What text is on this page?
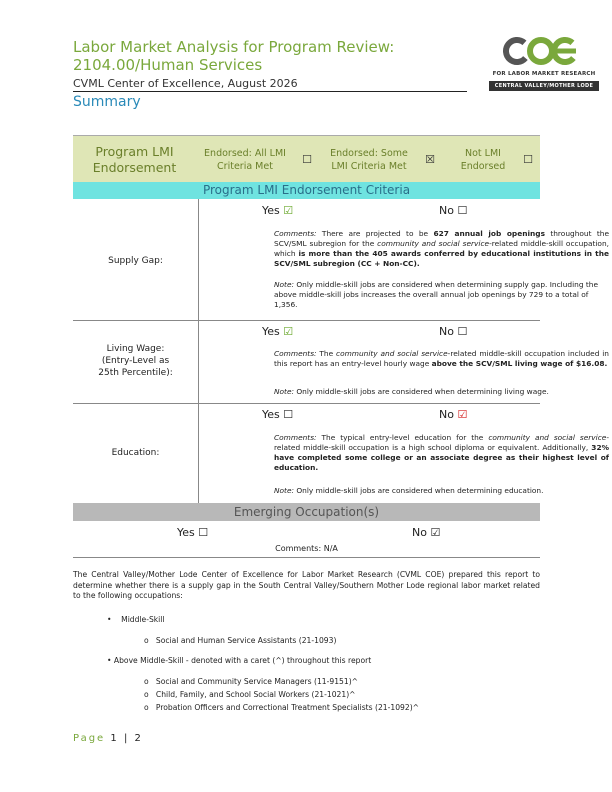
Labor Market Analysis for Program Review:
2104.00/Human Services
CVML Center of Excellence, August 2026
Summary
FOR LABOR MARKET RESEARCH
CENTRAL VALLEY/MOTHER LODE
Program LMI Endorsement
Endorsed: All LMI Criteria Met	☐	Endorsed: Some LMI Criteria Met	☒	Not LMI Endorsed	☐
Program LMI Endorsement Criteria
Supply Gap:
Yes ☑	No ☐
Comments: There are projected to be 627 annual job openings throughout the SCV/SML subregion for the community and social service-related middle-skill occupation, which is more than the 405 awards conferred by educational institutions in the SCV/SML subregion (CC + Non-CC).
Note: Only middle-skill jobs are considered when determining supply gap. Including the above middle-skill jobs increases the overall annual job openings by 729 to a total of 1,356.
Living Wage:
(Entry-Level as
25th Percentile):
Yes ☑	No ☐
Comments: The community and social service-related middle-skill occupation included in this report has an entry-level hourly wage above the SCV/SML living wage of $16.08.
Note: Only middle-skill jobs are considered when determining living wage.
Education:
Yes ☐	No ☑
Comments: The typical entry-level education for the community and social service-related middle-skill occupation is a high school diploma or equivalent. Additionally, 32% have completed some college or an associate degree as their highest level of education.
Note: Only middle-skill jobs are considered when determining education.
Emerging Occupation(s)
Yes ☐	No ☑
Comments: N/A
The Central Valley/Mother Lode Center of Excellence for Labor Market Research (CVML COE) prepared this report to determine whether there is a supply gap in the South Central Valley/Southern Mother Lode regional labor market related to the following occupations:
•    Middle-Skill
o   Social and Human Service Assistants (21-1093)
• Above Middle-Skill - denoted with a caret (^) throughout this report
o   Social and Community Service Managers (11-9151)^
o   Child, Family, and School Social Workers (21-1021)^
o   Probation Officers and Correctional Treatment Specialists (21-1092)^
Page 1 | 2
